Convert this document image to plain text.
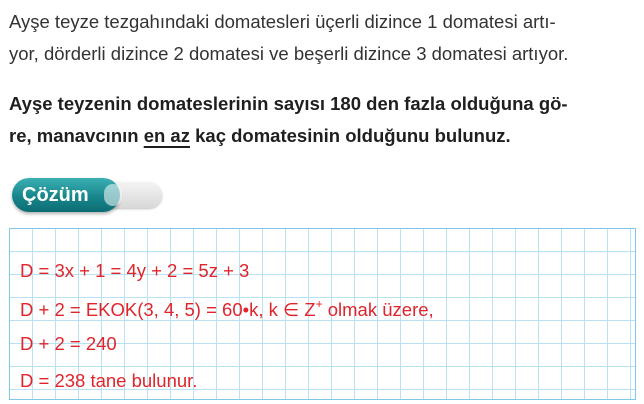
Ayşe teyze tezgahındaki domatesleri üçerli dizince 1 domatesi artı-
yor, dörderli dizince 2 domatesi ve beşerli dizince 3 domatesi artıyor.
Ayşe teyzenin domateslerinin sayısı 180 den fazla olduğuna gö-
re, manavcının en az kaç domatesinin olduğunu bulunuz.
Çözüm
D = 3x + 1 = 4y + 2 = 5z + 3
D + 2 = EKOK(3, 4, 5) = 60•k, k ∈ Z+ olmak üzere,
D + 2 = 240
D = 238 tane bulunur.
